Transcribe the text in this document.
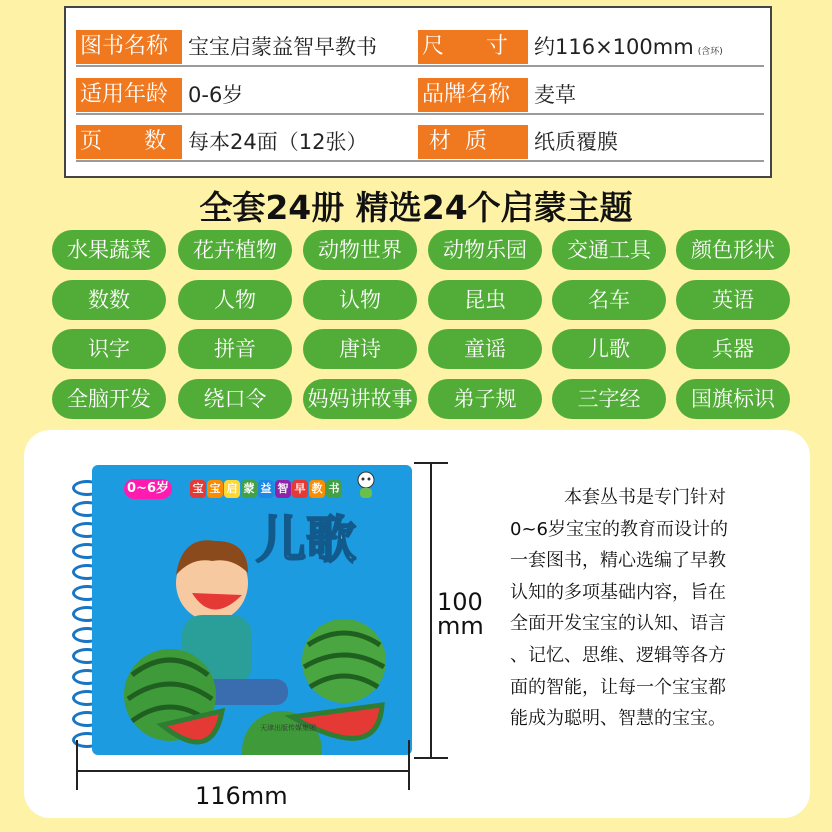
图书名称 宝宝启蒙益智早教书 尺      寸	约116×100mm (含环)
适用年龄 0-6岁	品牌名称	麦草
页      数	每本24面（12张） 材  质	纸质覆膜
全套24册 精选24个启蒙主题
水果蔬菜	花卉植物	动物世界	动物乐园	交通工具	颜色形状
数数	人物	认物	昆虫	名车	英语
识字	拼音	唐诗	童谣	儿歌	兵器
全脑开发	绕口令	妈妈讲故事	弟子规	三字经	国旗标识
0~6岁 宝 宝 启 蒙 益 智 早 教 书
儿歌
天津出版传媒集团
100
mm
116mm
本套丛书是专门针对
0~6岁宝宝的教育而设计的
一套图书，精心选编了早教
认知的多项基础内容，旨在
全面开发宝宝的认知、语言
、记忆、思维、逻辑等各方
面的智能，让每一个宝宝都
能成为聪明、智慧的宝宝。
